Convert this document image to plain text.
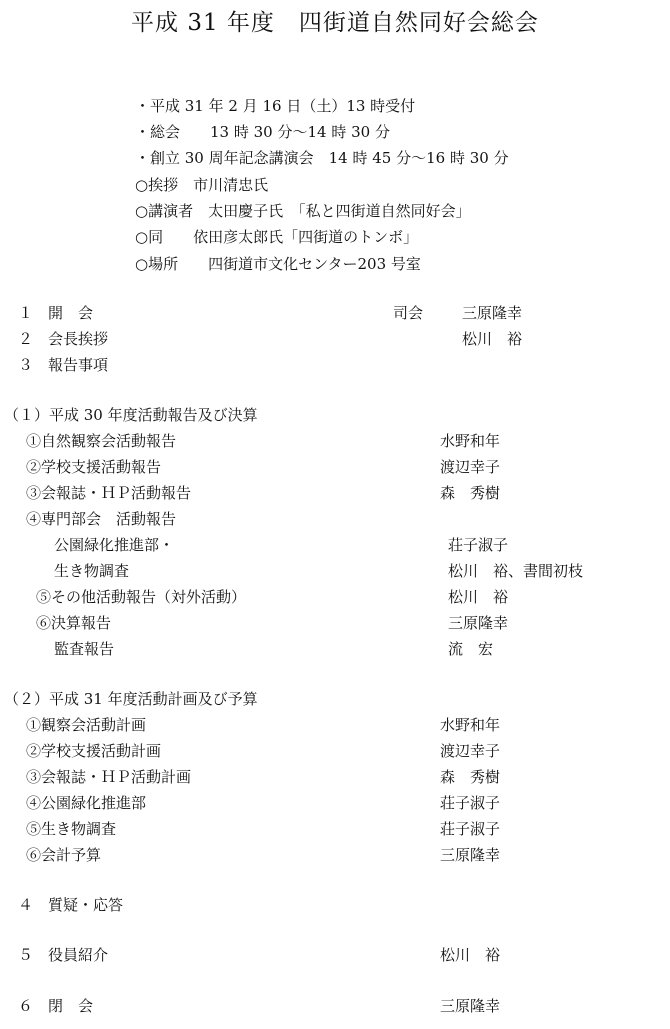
平成 31 年度　四街道自然同好会総会
・平成 31 年 2 月 16 日（土）13 時受付
・総会　　13 時 30 分〜14 時 30 分
・創立 30 周年記念講演会　14 時 45 分〜16 時 30 分
○挨拶　市川清忠氏
○講演者　太田慶子氏　「私と四街道自然同好会」
○同　　依田彦太郎氏「四街道のトンボ」
○場所　　四街道市文化センター203 号室
１　開　会	司会	三原隆幸
２　会長挨拶	松川　裕
３　報告事項
（１）平成 30 年度活動報告及び決算
①自然観察会活動報告	水野和年
②学校支援活動報告	渡辺幸子
③会報誌・ＨＰ活動報告	森　秀樹
④専門部会　活動報告
公園緑化推進部・	荘子淑子
生き物調査	松川　裕、書間初枝
⑤その他活動報告（対外活動）	松川　裕
⑥決算報告	三原隆幸
監査報告	流　宏
（２）平成 31 年度活動計画及び予算
①観察会活動計画	水野和年
②学校支援活動計画	渡辺幸子
③会報誌・ＨＰ活動計画	森　秀樹
④公園緑化推進部	荘子淑子
⑤生き物調査	荘子淑子
⑥会計予算	三原隆幸
４　質疑・応答
５　役員紹介	松川　裕
６　閉　会	三原隆幸
